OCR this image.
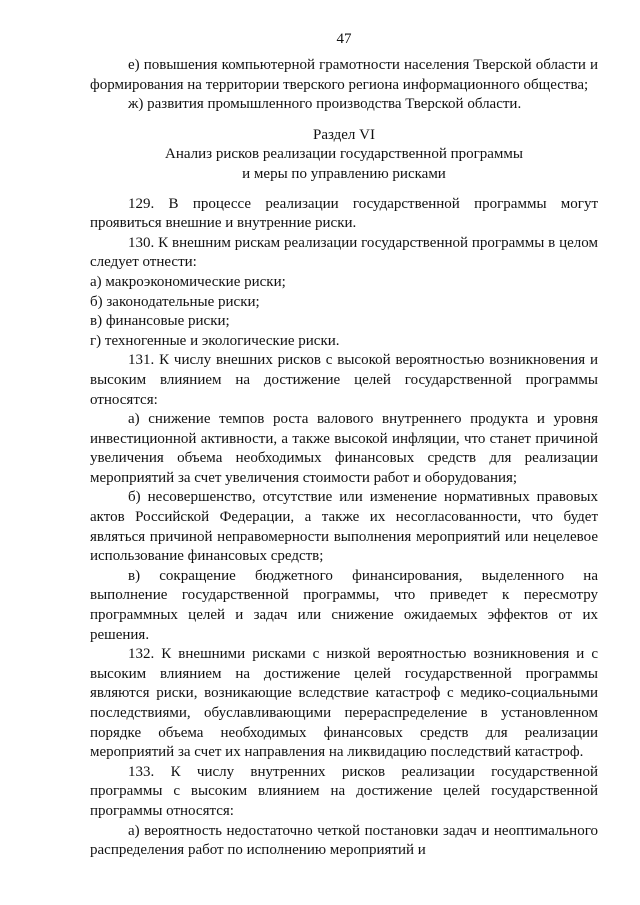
47

е) повышения компьютерной грамотности населения Тверской области и формирования на территории тверского региона информационного общества;

ж) развития промышленного производства Тверской области.

Раздел VI

Анализ рисков реализации государственной программы

и меры по управлению рисками

129. В процессе реализации государственной программы могут проявиться внешние и внутренние риски.

130. К внешним рискам реализации государственной программы в целом следует отнести:

а) макроэкономические риски;

б) законодательные риски;

в) финансовые риски;

г) техногенные и экологические риски.

131. К числу внешних рисков с высокой вероятностью возникновения и высоким влиянием на достижение целей государственной программы относятся:

а) снижение темпов роста валового внутреннего продукта и уровня инвестиционной активности, а также высокой инфляции, что станет причиной увеличения объема необходимых финансовых средств для реализации мероприятий за счет увеличения стоимости работ и оборудования;

б) несовершенство, отсутствие или изменение нормативных правовых актов Российской Федерации, а также их несогласованности, что будет являться причиной неправомерности выполнения мероприятий или нецелевое использование финансовых средств;

в) сокращение бюджетного финансирования, выделенного на выполнение государственной программы, что приведет к пересмотру программных целей и задач или снижение ожидаемых эффектов от их решения.

132. К внешними рисками с низкой вероятностью возникновения и с высоким влиянием на достижение целей государственной программы являются риски, возникающие вследствие катастроф с медико-социальными последствиями, обуславливающими перераспределение в установленном порядке объема необходимых финансовых средств для реализации мероприятий за счет их направления на ликвидацию последствий катастроф.

133. К числу внутренних рисков реализации государственной программы с высоким влиянием на достижение целей государственной программы относятся:

а) вероятность недостаточно четкой постановки задач и неоптимального распределения работ по исполнению мероприятий и
